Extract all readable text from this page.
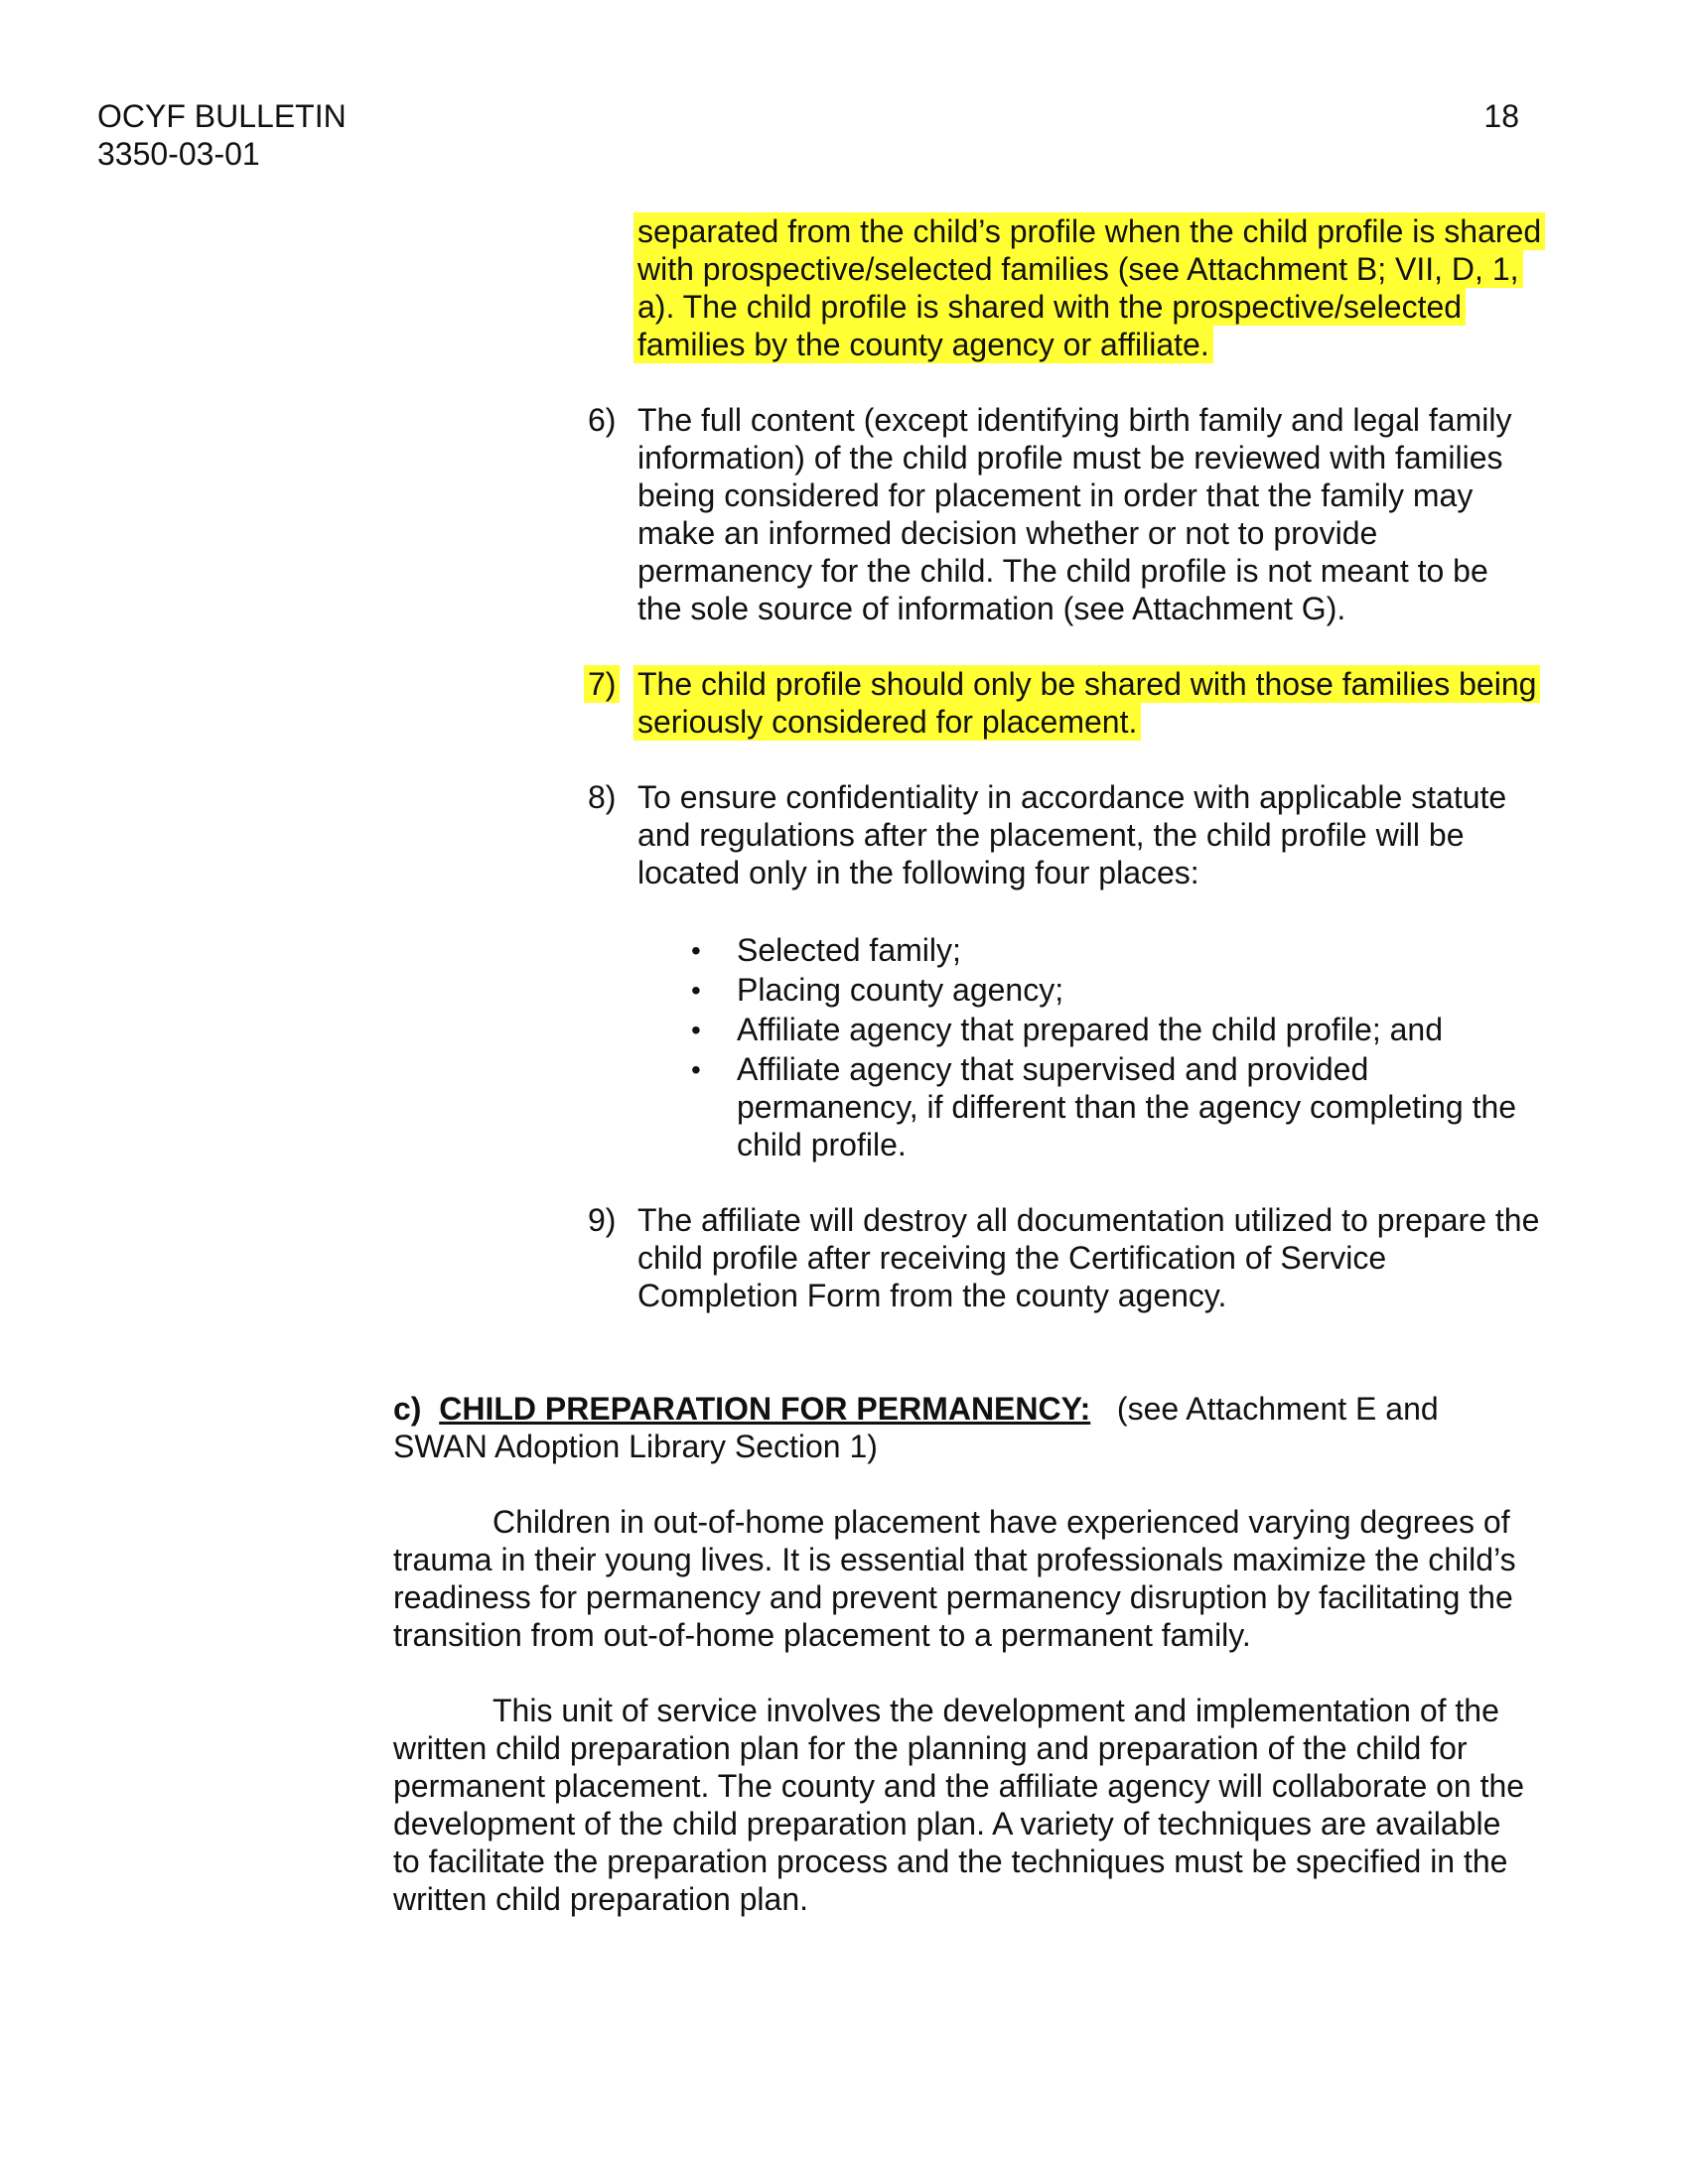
OCYF BULLETIN
3350-03-01
18
separated from the child’s profile when the child profile is shared
with prospective/selected families (see Attachment B; VII, D, 1,
a). The child profile is shared with the prospective/selected
families by the county agency or affiliate.
6) The full content (except identifying birth family and legal family
information) of the child profile must be reviewed with families
being considered for placement in order that the family may
make an informed decision whether or not to provide
permanency for the child. The child profile is not meant to be
the sole source of information (see Attachment G).
7) The child profile should only be shared with those families being
seriously considered for placement.
8) To ensure confidentiality in accordance with applicable statute
and regulations after the placement, the child profile will be
located only in the following four places:
• Selected family;
• Placing county agency;
• Affiliate agency that prepared the child profile; and
• Affiliate agency that supervised and provided
permanency, if different than the agency completing the
child profile.
9) The affiliate will destroy all documentation utilized to prepare the
child profile after receiving the Certification of Service
Completion Form from the county agency.
c) CHILD PREPARATION FOR PERMANENCY: (see Attachment E and
SWAN Adoption Library Section 1)
Children in out-of-home placement have experienced varying degrees of
trauma in their young lives. It is essential that professionals maximize the child’s
readiness for permanency and prevent permanency disruption by facilitating the
transition from out-of-home placement to a permanent family.
This unit of service involves the development and implementation of the
written child preparation plan for the planning and preparation of the child for
permanent placement. The county and the affiliate agency will collaborate on the
development of the child preparation plan. A variety of techniques are available
to facilitate the preparation process and the techniques must be specified in the
written child preparation plan.
